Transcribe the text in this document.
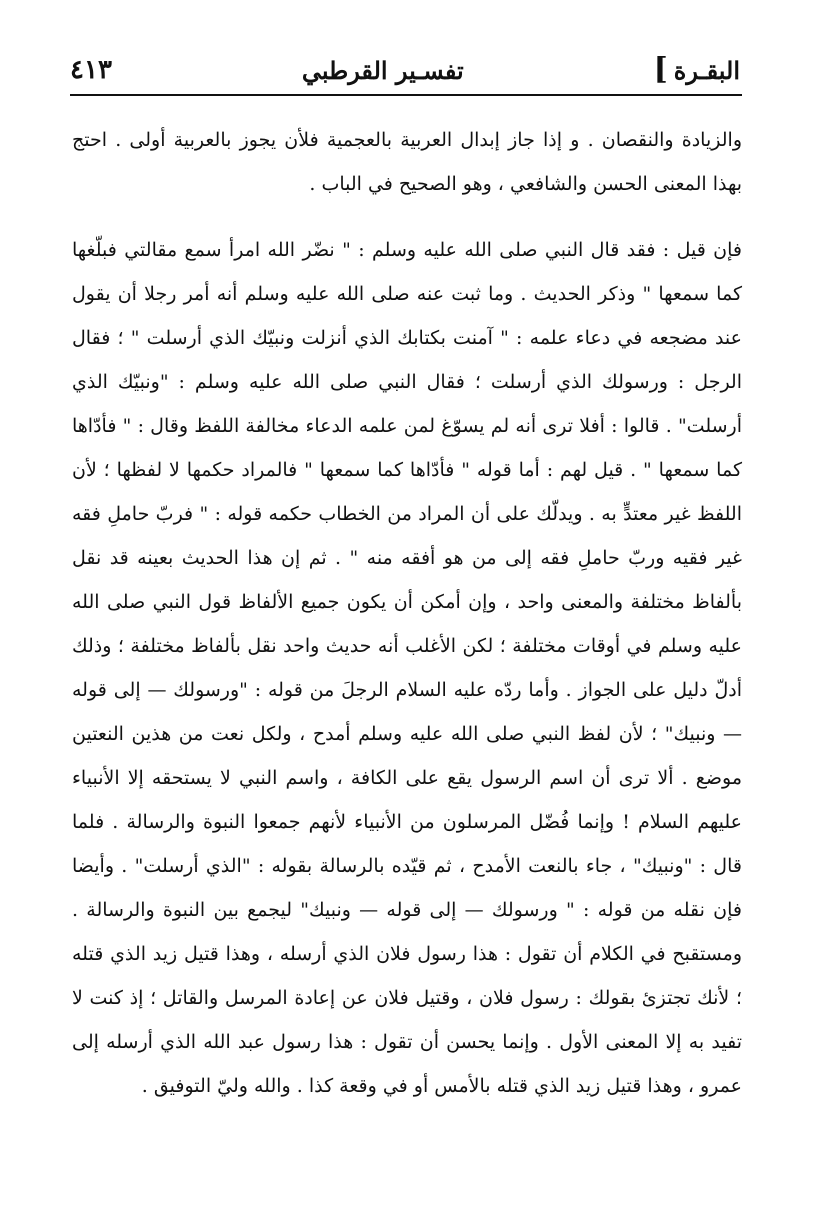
البقـرة
]
تفسـير القرطبي
٤١٣

والزيادة والنقصان . و إذا جاز إبدال العربية بالعجمية فلأن يجوز بالعربية أولى . احتج بهذا المعنى الحسن والشافعي ، وهو الصحيح في الباب .

فإن قيل : فقد قال النبي صلى الله عليه وسلم : " نضّر الله امرأ سمع مقالتي فبلّغها كما سمعها " وذكر الحديث . وما ثبت عنه صلى الله عليه وسلم أنه أمر رجلا أن يقول عند مضجعه في دعاء علمه : " آمنت بكتابك الذي أنزلت ونبيّك الذي أرسلت " ؛ فقال الرجل : ورسولك الذي أرسلت ؛ فقال النبي صلى الله عليه وسلم : "ونبيّك الذي أرسلت" . قالوا : أفلا ترى أنه لم يسوّغ لمن علمه الدعاء مخالفة اللفظ وقال : " فأدّاها كما سمعها " . قيل لهم : أما قوله " فأدّاها كما سمعها " فالمراد حكمها لا لفظها ؛ لأن اللفظ غير معتدٍّ به . ويدلّك على أن المراد من الخطاب حكمه قوله : " فربّ حاملِ فقه غير فقيه وربّ حاملِ فقه إلى من هو أفقه منه " . ثم إن هذا الحديث بعينه قد نقل بألفاظ مختلفة والمعنى واحد ، وإن أمكن أن يكون جميع الألفاظ قول النبي صلى الله عليه وسلم في أوقات مختلفة ؛ لكن الأغلب أنه حديث واحد نقل بألفاظ مختلفة ؛ وذلك أدلّ دليل على الجواز . وأما ردّه عليه السلام الرجلَ من قوله : "ورسولك — إلى قوله — ونبيك" ؛ لأن لفظ النبي صلى الله عليه وسلم أمدح ، ولكل نعت من هذين النعتين موضع . ألا ترى أن اسم الرسول يقع على الكافة ، واسم النبي لا يستحقه إلا الأنبياء عليهم السلام ! وإنما فُضّل المرسلون من الأنبياء لأنهم جمعوا النبوة والرسالة . فلما قال : "ونبيك" ، جاء بالنعت الأمدح ، ثم قيّده بالرسالة بقوله : "الذي أرسلت" . وأيضا فإن نقله من قوله : " ورسولك — إلى قوله — ونبيك" ليجمع بين النبوة والرسالة . ومستقبح في الكلام أن تقول : هذا رسول فلان الذي أرسله ، وهذا قتيل زيد الذي قتله ؛ لأنك تجتزئ بقولك : رسول فلان ، وقتيل فلان عن إعادة المرسل والقاتل ؛ إذ كنت لا تفيد به إلا المعنى الأول . وإنما يحسن أن تقول : هذا رسول عبد الله الذي أرسله إلى عمرو ، وهذا قتيل زيد الذي قتله بالأمس أو في وقعة كذا . والله وليّ التوفيق .
